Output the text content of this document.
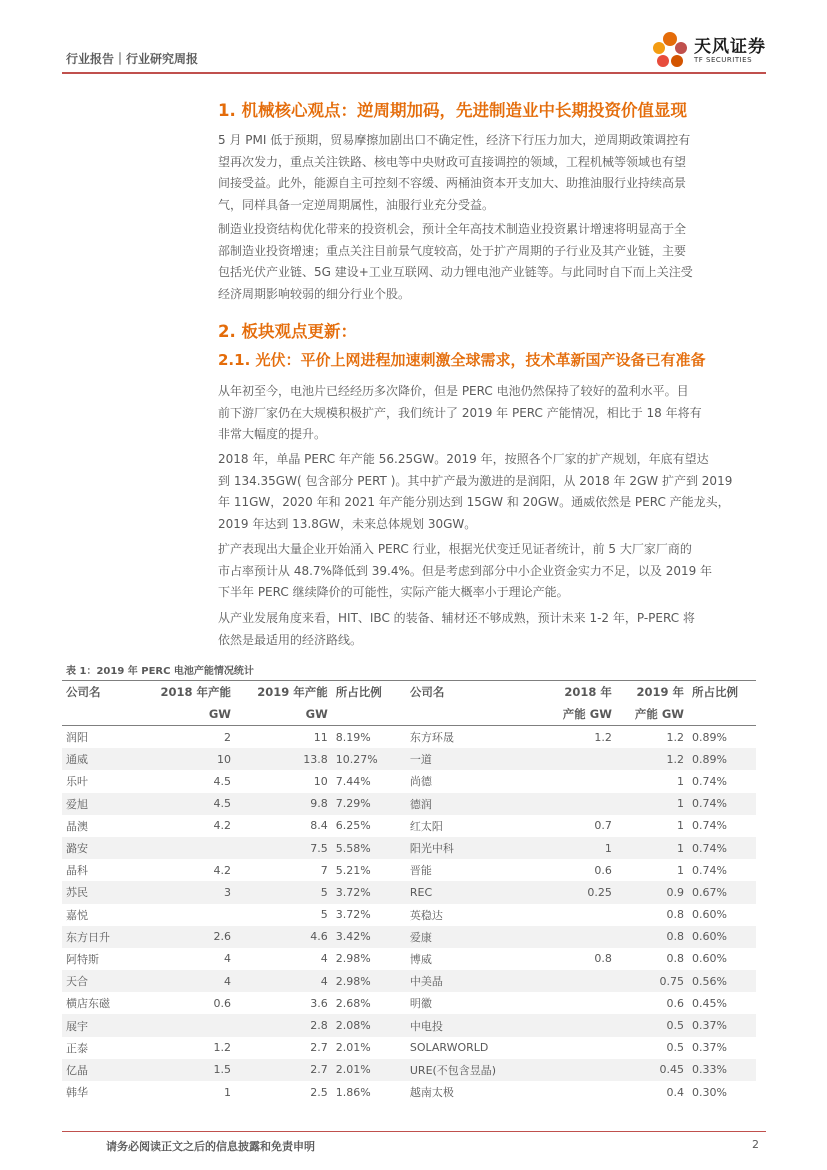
行业报告｜行业研究周报
天风证券
TF SECURITIES
1. 机械核心观点：逆周期加码，先进制造业中长期投资价值显现
5 月 PMI 低于预期，贸易摩擦加剧出口不确定性，经济下行压力加大，逆周期政策调控有
望再次发力，重点关注铁路、核电等中央财政可直接调控的领域，工程机械等领域也有望
间接受益。此外，能源自主可控刻不容缓、两桶油资本开支加大、助推油服行业持续高景
气，同样具备一定逆周期属性，油服行业充分受益。
制造业投资结构优化带来的投资机会，预计全年高技术制造业投资累计增速将明显高于全
部制造业投资增速；重点关注目前景气度较高，处于扩产周期的子行业及其产业链，主要
包括光伏产业链、5G 建设+工业互联网、动力锂电池产业链等。与此同时自下而上关注受
经济周期影响较弱的细分行业个股。
2. 板块观点更新：
2.1. 光伏：平价上网进程加速刺激全球需求，技术革新国产设备已有准备
从年初至今，电池片已经经历多次降价，但是 PERC 电池仍然保持了较好的盈利水平。目
前下游厂家仍在大规模积极扩产，我们统计了 2019 年 PERC 产能情况，相比于 18 年将有
非常大幅度的提升。
2018 年，单晶 PERC 年产能 56.25GW。2019 年，按照各个厂家的扩产规划，年底有望达
到 134.35GW( 包含部分 PERT )。其中扩产最为激进的是润阳，从 2018 年 2GW 扩产到 2019
年 11GW，2020 年和 2021 年产能分别达到 15GW 和 20GW。通威依然是 PERC 产能龙头，
2019 年达到 13.8GW，未来总体规划 30GW。
扩产表现出大量企业开始涌入 PERC 行业，根据光伏变迁见证者统计，前 5 大厂家厂商的
市占率预计从 48.7%降低到 39.4%。但是考虑到部分中小企业资金实力不足，以及 2019 年
下半年 PERC 继续降价的可能性，实际产能大概率小于理论产能。
从产业发展角度来看，HIT、IBC 的装备、辅材还不够成熟，预计未来 1-2 年，P-PERC 将
依然是最适用的经济路线。
表 1：2019 年 PERC 电池产能情况统计
公司名	2018 年产能	2019 年产能	所占比例	公司名	2018 年	2019 年	所占比例
	GW	GW			产能 GW	产能 GW	
润阳	2	11	8.19%	东方环晟	1.2	1.2	0.89%
通威	10	13.8	10.27%	一道		1.2	0.89%
乐叶	4.5	10	7.44%	尚德		1	0.74%
爱旭	4.5	9.8	7.29%	德润		1	0.74%
晶澳	4.2	8.4	6.25%	红太阳	0.7	1	0.74%
潞安		7.5	5.58%	阳光中科	1	1	0.74%
晶科	4.2	7	5.21%	晋能	0.6	1	0.74%
苏民	3	5	3.72%	REC	0.25	0.9	0.67%
嘉悦		5	3.72%	英稳达		0.8	0.60%
东方日升	2.6	4.6	3.42%	爱康		0.8	0.60%
阿特斯	4	4	2.98%	博威	0.8	0.8	0.60%
天合	4	4	2.98%	中美晶		0.75	0.56%
横店东磁	0.6	3.6	2.68%	明徽		0.6	0.45%
展宇		2.8	2.08%	中电投		0.5	0.37%
正泰	1.2	2.7	2.01%	SOLARWORLD		0.5	0.37%
亿晶	1.5	2.7	2.01%	URE(不包含昱晶)		0.45	0.33%
韩华	1	2.5	1.86%	越南太极		0.4	0.30%
请务必阅读正文之后的信息披露和免责申明	2
